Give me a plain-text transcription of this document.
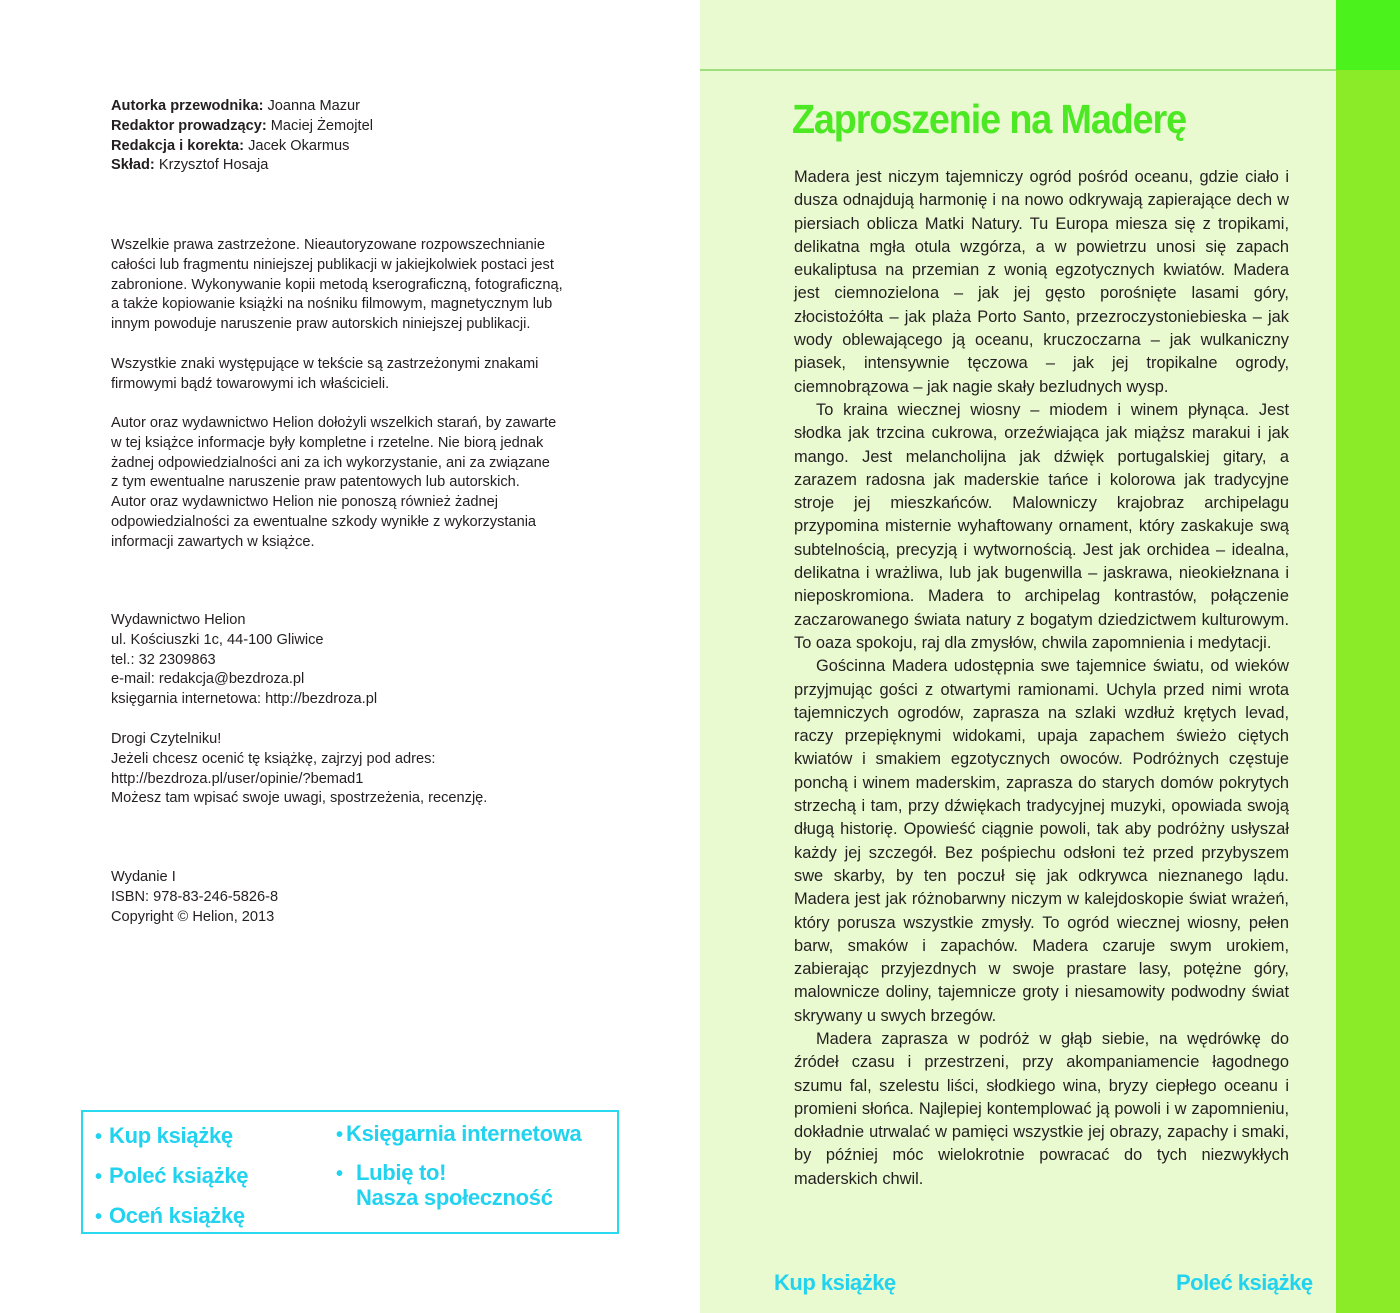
Autorka przewodnika: Joanna Mazur
Redaktor prowadzący: Maciej Żemojtel
Redakcja i korekta: Jacek Okarmus
Skład: Krzysztof Hosaja
Wszelkie prawa zastrzeżone. Nieautoryzowane rozpowszechnianie
całości lub fragmentu niniejszej publikacji w jakiejkolwiek postaci jest
zabronione. Wykonywanie kopii metodą kserograficzną, fotograficzną,
a także kopiowanie książki na nośniku filmowym, magnetycznym lub
innym powoduje naruszenie praw autorskich niniejszej publikacji.
Wszystkie znaki występujące w tekście są zastrzeżonymi znakami
firmowymi bądź towarowymi ich właścicieli.
Autor oraz wydawnictwo Helion dołożyli wszelkich starań, by zawarte
w tej książce informacje były kompletne i rzetelne. Nie biorą jednak
żadnej odpowiedzialności ani za ich wykorzystanie, ani za związane
z tym ewentualne naruszenie praw patentowych lub autorskich.
Autor oraz wydawnictwo Helion nie ponoszą również żadnej
odpowiedzialności za ewentualne szkody wynikłe z wykorzystania
informacji zawartych w książce.
Wydawnictwo Helion
ul. Kościuszki 1c, 44-100 Gliwice
tel.: 32 2309863
e-mail: redakcja@bezdroza.pl
księgarnia internetowa: http://bezdroza.pl
Drogi Czytelniku!
Jeżeli chcesz ocenić tę książkę, zajrzyj pod adres:
http://bezdroza.pl/user/opinie/?bemad1
Możesz tam wpisać swoje uwagi, spostrzeżenia, recenzję.
Wydanie I
ISBN: 978-83-246-5826-8
Copyright © Helion, 2013
• Kup książkę
• Poleć książkę
• Oceń książkę
• Księgarnia internetowa
• Lubię to!
Nasza społeczność
Zaproszenie na Maderę

Madera jest niczym tajemniczy ogród pośród oceanu, gdzie ciało i dusza odnajdują harmonię i na nowo odkrywają zapierające dech w piersiach oblicza Matki Natury. Tu Europa miesza się z tropikami, delikatna mgła otula wzgórza, a w powietrzu unosi się zapach eukaliptusa na przemian z wonią egzotycznych kwiatów. Madera jest ciemnozielona – jak jej gęsto porośnięte lasami góry, złocistożółta – jak plaża Porto Santo, przezroczystoniebieska – jak wody oblewającego ją oceanu, kruczoczarna – jak wulkaniczny piasek, intensywnie tęczowa – jak jej tropikalne ogrody, ciemnobrązowa – jak nagie skały bezludnych wysp.

To kraina wiecznej wiosny – miodem i winem płynąca. Jest słodka jak trzcina cukrowa, orzeźwiająca jak miąższ marakui i jak mango. Jest melancholijna jak dźwięk portugalskiej gitary, a zarazem radosna jak maderskie tańce i kolorowa jak tradycyjne stroje jej mieszkańców. Malowniczy krajobraz archipelagu przypomina misternie wyhaftowany ornament, który zaskakuje swą subtelnością, precyzją i wytwornością. Jest jak orchidea – idealna, delikatna i wrażliwa, lub jak bugenwilla – jaskrawa, nieokiełznana i nieposkromiona. Madera to archipelag kontrastów, połączenie zaczarowanego świata natury z bogatym dziedzictwem kulturowym. To oaza spokoju, raj dla zmysłów, chwila zapomnienia i medytacji.

Gościnna Madera udostępnia swe tajemnice światu, od wieków przyjmując gości z otwartymi ramionami. Uchyla przed nimi wrota tajemniczych ogrodów, zaprasza na szlaki wzdłuż krętych levad, raczy przepięknymi widokami, upaja zapachem świeżo ciętych kwiatów i smakiem egzotycznych owoców. Podróżnych częstuje ponchą i winem maderskim, zaprasza do starych domów pokrytych strzechą i tam, przy dźwiękach tradycyjnej muzyki, opowiada swoją długą historię. Opowieść ciągnie powoli, tak aby podróżny usłyszał każdy jej szczegół. Bez pośpiechu odsłoni też przed przybyszem swe skarby, by ten poczuł się jak odkrywca nieznanego lądu. Madera jest jak różnobarwny niczym w kalejdoskopie świat wrażeń, który porusza wszystkie zmysły. To ogród wiecznej wiosny, pełen barw, smaków i zapachów. Madera czaruje swym urokiem, zabierając przyjezdnych w swoje prastare lasy, potężne góry, malownicze doliny, tajemnicze groty i niesamowity podwodny świat skrywany u swych brzegów.

Madera zaprasza w podróż w głąb siebie, na wędrówkę do źródeł czasu i przestrzeni, przy akompaniamencie łagodnego szumu fal, szelestu liści, słodkiego wina, bryzy ciepłego oceanu i promieni słońca. Najlepiej kontemplować ją powoli i w zapomnieniu, dokładnie utrwalać w pamięci wszystkie jej obrazy, zapachy i smaki, by później móc wielokrotnie powracać do tych niezwykłych maderskich chwil.

Kup książkę	Poleć książkę
